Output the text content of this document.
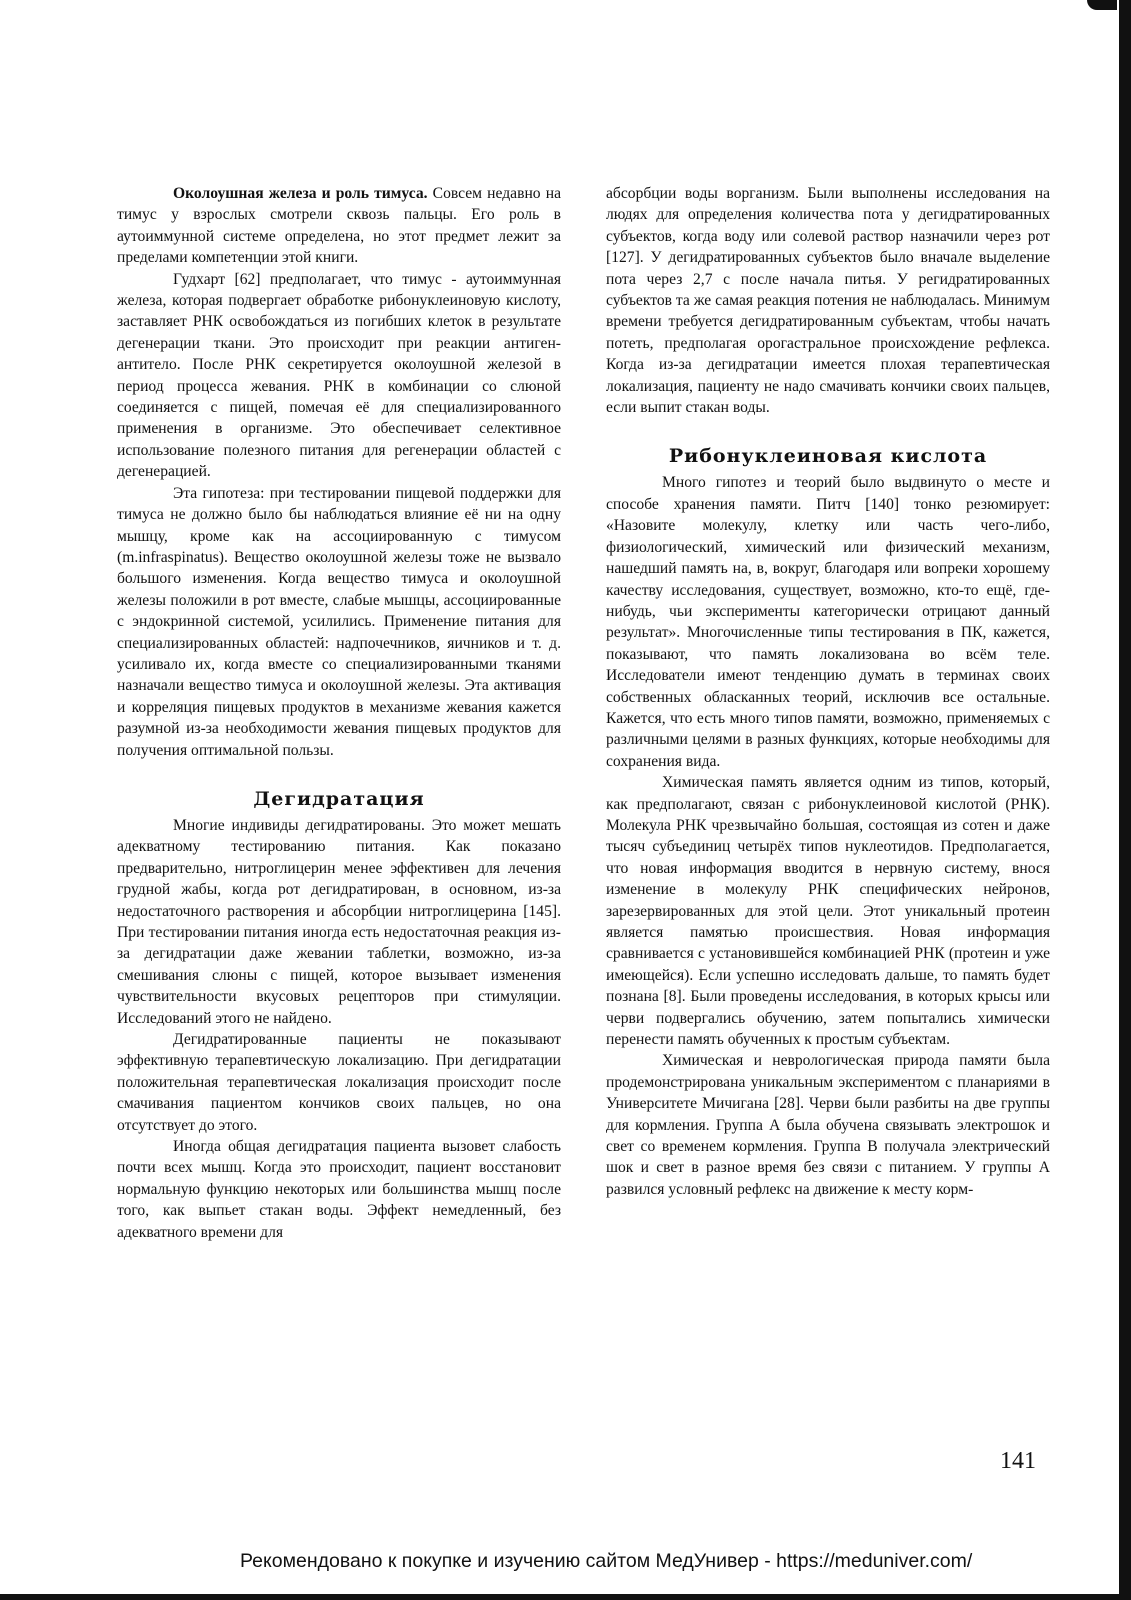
Околоушная железа и роль тимуса. Совсем недавно на тимус у взрослых смотрели сквозь пальцы. Его роль в аутоиммунной системе определена, но этот предмет лежит за пределами компетенции этой книги.

Гудхарт [62] предполагает, что тимус - аутоиммунная железа, которая подвергает обработке рибонуклеиновую кислоту, заставляет РНК освобождаться из погибших клеток в результате дегенерации ткани. Это происходит при реакции антиген-антитело. После РНК секретируется околоушной железой в период процесса жевания. РНК в комбинации со слюной соединяется с пищей, помечая её для специализированного применения в организме. Это обеспечивает селективное использование полезного питания для регенерации областей с дегенерацией.

Эта гипотеза: при тестировании пищевой поддержки для тимуса не должно было бы наблюдаться влияние её ни на одну мышцу, кроме как на ассоциированную с тимусом (m.infraspinatus). Вещество околоушной железы тоже не вызвало большого изменения. Когда вещество тимуса и околоушной железы положили в рот вместе, слабые мышцы, ассоциированные с эндокринной системой, усилились. Применение питания для специализированных областей: надпочечников, яичников и т. д. усиливало их, когда вместе со специализированными тканями назначали вещество тимуса и околоушной железы. Эта активация и корреляция пищевых продуктов в механизме жевания кажется разумной из-за необходимости жевания пищевых продуктов для получения оптимальной пользы.

Дегидратация

Многие индивиды дегидратированы. Это может мешать адекватному тестированию питания. Как показано предварительно, нитроглицерин менее эффективен для лечения грудной жабы, когда рот дегидратирован, в основном, из-за недостаточного растворения и абсорбции нитроглицерина [145]. При тестировании питания иногда есть недостаточная реакция из-за дегидратации даже жевании таблетки, возможно, из-за смешивания слюны с пищей, которое вызывает изменения чувствительности вкусовых рецепторов при стимуляции. Исследований этого не найдено.

Дегидратированные пациенты не показывают эффективную терапевтическую локализацию. При дегидратации положительная терапевтическая локализация происходит после смачивания пациентом кончиков своих пальцев, но она отсутствует до этого.

Иногда общая дегидратация пациента вызовет слабость почти всех мышц. Когда это происходит, пациент восстановит нормальную функцию некоторых или большинства мышц после того, как выпьет стакан воды. Эффект немедленный, без адекватного времени для

абсорбции воды ворганизм. Были выполнены исследования на людях для определения количества пота у дегидратированных субъектов, когда воду или солевой раствор назначили через рот [127]. У дегидратированных субъектов было вначале выделение пота через 2,7 с после начала питья. У регидратированных субъектов та же самая реакция потения не наблюдалась. Минимум времени требуется дегидратированным субъектам, чтобы начать потеть, предполагая орогастральное происхождение рефлекса. Когда из-за дегидратации имеется плохая терапевтическая локализация, пациенту не надо смачивать кончики своих пальцев, если выпит стакан воды.

Рибонуклеиновая кислота

Много гипотез и теорий было выдвинуто о месте и способе хранения памяти. Питч [140] тонко резюмирует: «Назовите молекулу, клетку или часть чего-либо, физиологический, химический или физический механизм, нашедший память на, в, вокруг, благодаря или вопреки хорошему качеству исследования, существует, возможно, кто-то ещё, где-нибудь, чьи эксперименты категорически отрицают данный результат». Многочисленные типы тестирования в ПК, кажется, показывают, что память локализована во всём теле. Исследователи имеют тенденцию думать в терминах своих собственных обласканных теорий, исключив все остальные. Кажется, что есть много типов памяти, возможно, применяемых с различными целями в разных функциях, которые необходимы для сохранения вида.

Химическая память является одним из типов, который, как предполагают, связан с рибонуклеиновой кислотой (РНК). Молекула РНК чрезвычайно большая, состоящая из сотен и даже тысяч субъединиц четырёх типов нуклеотидов. Предполагается, что новая информация вводится в нервную систему, внося изменение в молекулу РНК специфических нейронов, зарезервированных для этой цели. Этот уникальный протеин является памятью происшествия. Новая информация сравнивается с установившейся комбинацией РНК (протеин и уже имеющейся). Если успешно исследовать дальше, то память будет познана [8]. Были проведены исследования, в которых крысы или черви подвергались обучению, затем попытались химически перенести память обученных к простым субъектам.

Химическая и неврологическая природа памяти была продемонстрирована уникальным экспериментом с планариями в Университете Мичигана [28]. Черви были разбиты на две группы для кормления. Группа А была обучена связывать электрошок и свет со временем кормления. Группа В получала электрический шок и свет в разное время без связи с питанием. У группы А развился условный рефлекс на движение к месту корм-

141
Рекомендовано к покупке и изучению сайтом МедУнивер - https://meduniver.com/
